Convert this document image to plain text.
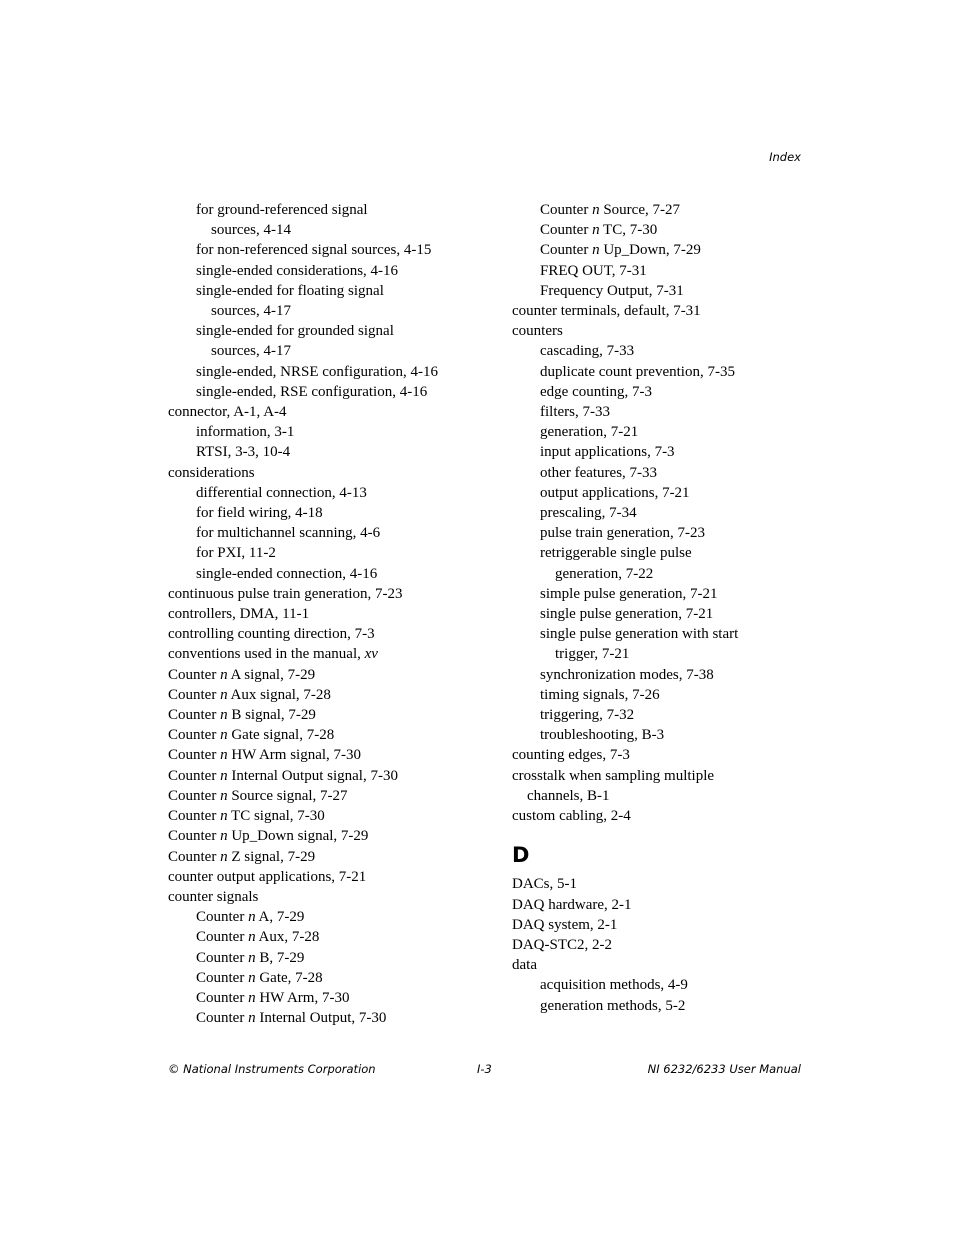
Index
for ground-referenced signal
sources, 4-14
for non-referenced signal sources, 4-15
single-ended considerations, 4-16
single-ended for floating signal
sources, 4-17
single-ended for grounded signal
sources, 4-17
single-ended, NRSE configuration, 4-16
single-ended, RSE configuration, 4-16
connector, A-1, A-4
information, 3-1
RTSI, 3-3, 10-4
considerations
differential connection, 4-13
for field wiring, 4-18
for multichannel scanning, 4-6
for PXI, 11-2
single-ended connection, 4-16
continuous pulse train generation, 7-23
controllers, DMA, 11-1
controlling counting direction, 7-3
conventions used in the manual, xv
Counter n A signal, 7-29
Counter n Aux signal, 7-28
Counter n B signal, 7-29
Counter n Gate signal, 7-28
Counter n HW Arm signal, 7-30
Counter n Internal Output signal, 7-30
Counter n Source signal, 7-27
Counter n TC signal, 7-30
Counter n Up_Down signal, 7-29
Counter n Z signal, 7-29
counter output applications, 7-21
counter signals
Counter n A, 7-29
Counter n Aux, 7-28
Counter n B, 7-29
Counter n Gate, 7-28
Counter n HW Arm, 7-30
Counter n Internal Output, 7-30
Counter n Source, 7-27
Counter n TC, 7-30
Counter n Up_Down, 7-29
FREQ OUT, 7-31
Frequency Output, 7-31
counter terminals, default, 7-31
counters
cascading, 7-33
duplicate count prevention, 7-35
edge counting, 7-3
filters, 7-33
generation, 7-21
input applications, 7-3
other features, 7-33
output applications, 7-21
prescaling, 7-34
pulse train generation, 7-23
retriggerable single pulse
generation, 7-22
simple pulse generation, 7-21
single pulse generation, 7-21
single pulse generation with start
trigger, 7-21
synchronization modes, 7-38
timing signals, 7-26
triggering, 7-32
troubleshooting, B-3
counting edges, 7-3
crosstalk when sampling multiple
channels, B-1
custom cabling, 2-4
D
DACs, 5-1
DAQ hardware, 2-1
DAQ system, 2-1
DAQ-STC2, 2-2
data
acquisition methods, 4-9
generation methods, 5-2
© National Instruments Corporation	I-3	NI 6232/6233 User Manual
